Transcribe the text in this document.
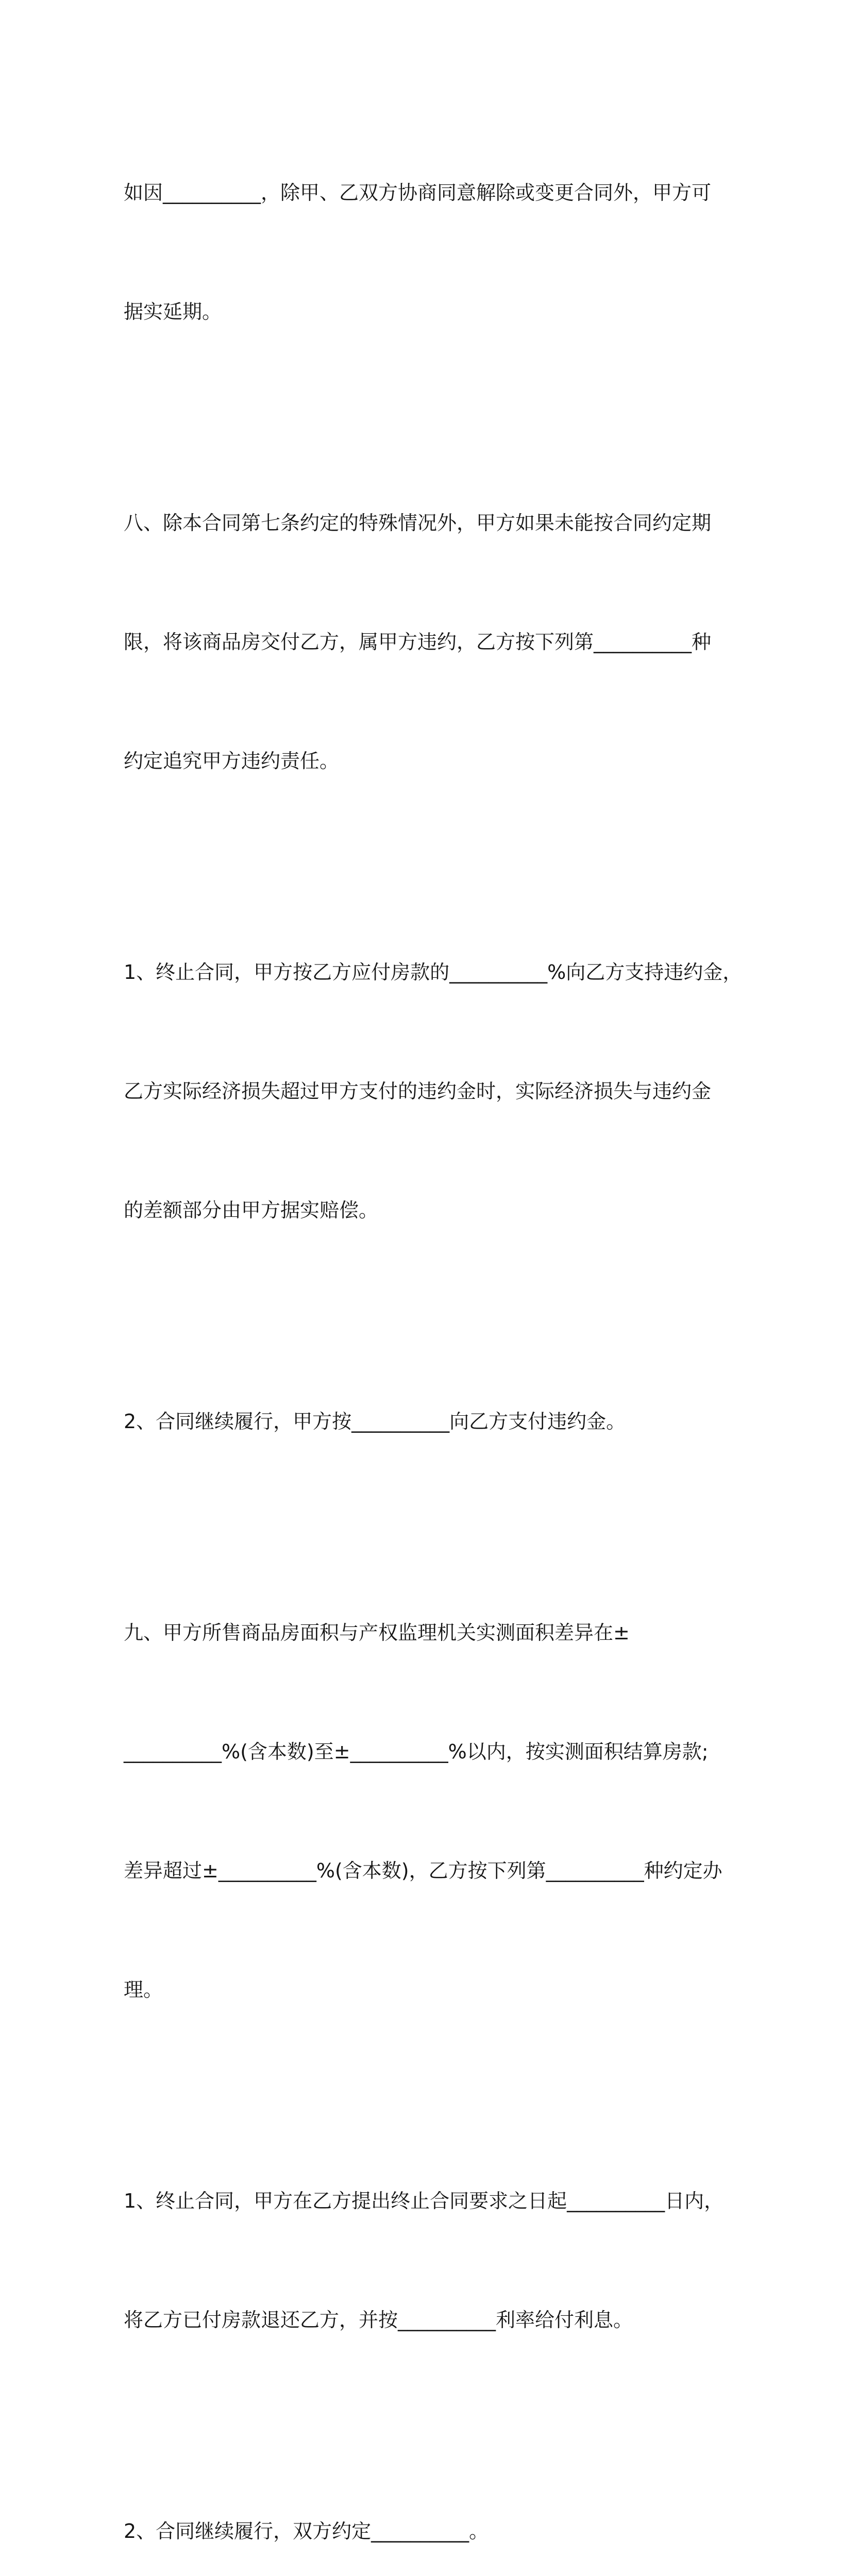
如因__________，除甲、乙双方协商同意解除或变更合同外，甲方可

据实延期。

八、除本合同第七条约定的特殊情况外，甲方如果未能按合同约定期

限，将该商品房交付乙方，属甲方违约，乙方按下列第__________种

约定追究甲方违约责任。

1、终止合同，甲方按乙方应付房款的__________%向乙方支持违约金，

乙方实际经济损失超过甲方支付的违约金时，实际经济损失与违约金

的差额部分由甲方据实赔偿。

2、合同继续履行，甲方按__________向乙方支付违约金。

九、甲方所售商品房面积与产权监理机关实测面积差异在±

__________%(含本数)至±__________%以内，按实测面积结算房款;

差异超过±__________%(含本数)，乙方按下列第__________种约定办

理。

1、终止合同，甲方在乙方提出终止合同要求之日起__________日内，

将乙方已付房款退还乙方，并按__________利率给付利息。

2、合同继续履行，双方约定__________。
